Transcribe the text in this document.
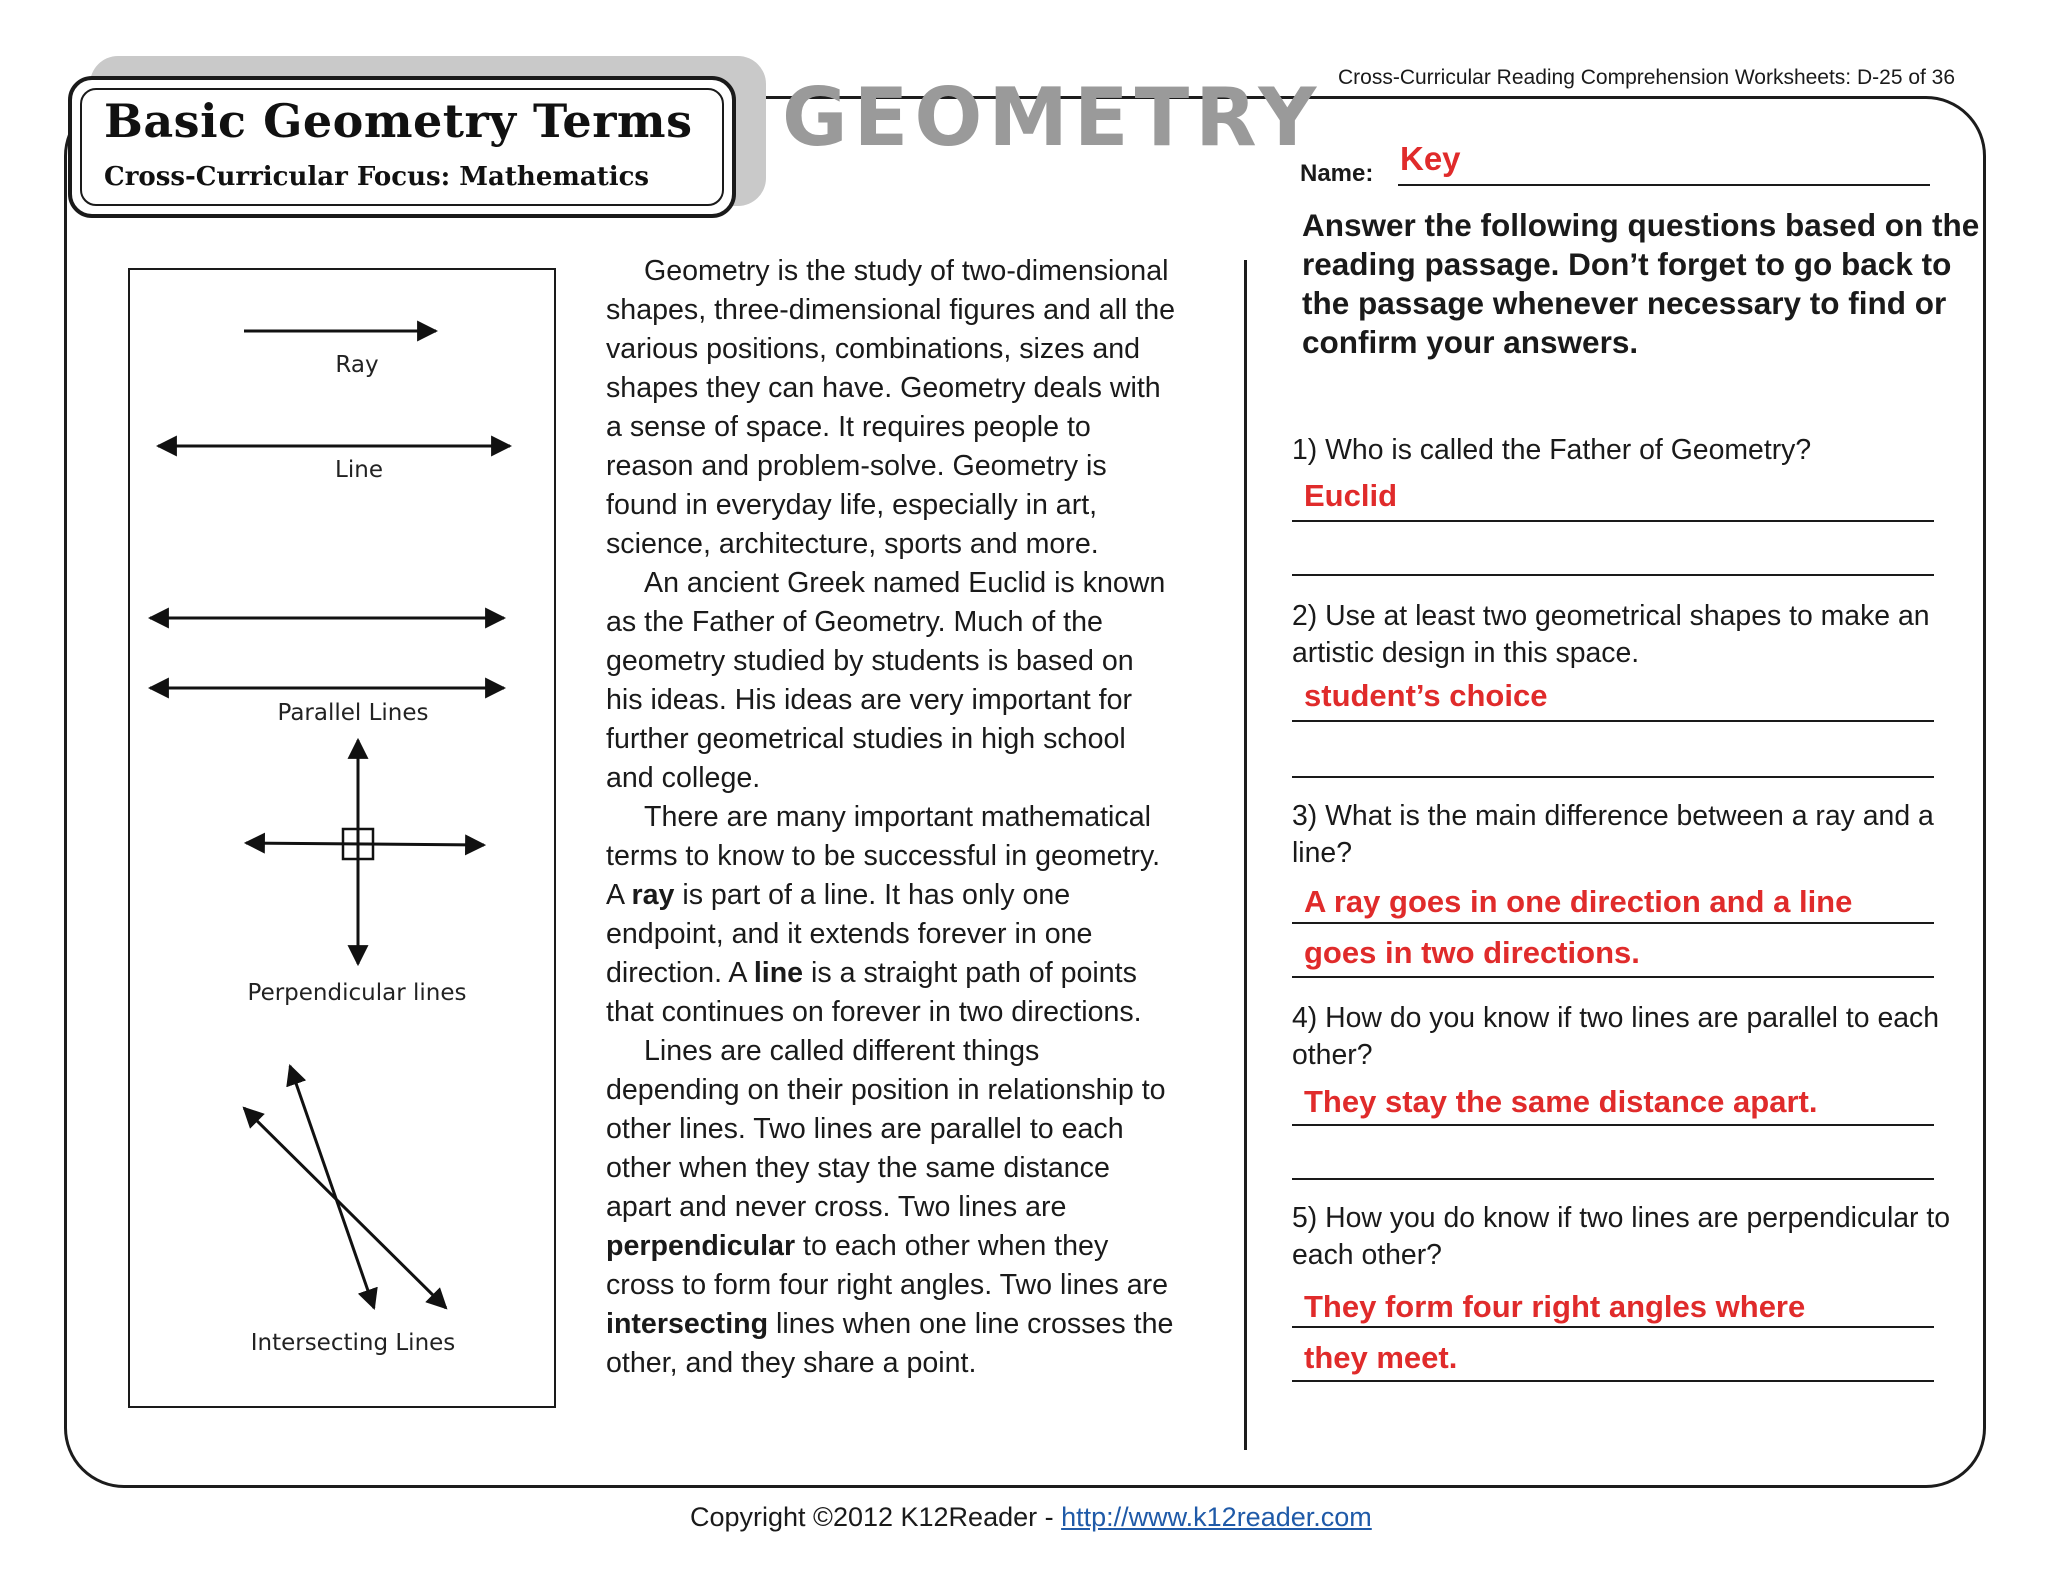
Basic Geometry Terms
Cross-Curricular Focus: Mathematics
GEOMETRY Cross-Curricular Reading Comprehension Worksheets: D-25 of 36
Ray
Line
Parallel Lines
Perpendicular lines
Intersecting Lines

Geometry is the study of two-dimensional shapes, three-dimensional figures and all the various positions, combinations, sizes and shapes they can have. Geometry deals with a sense of space. It requires people to reason and problem-solve. Geometry is found in everyday life, especially in art, science, architecture, sports and more.

An ancient Greek named Euclid is known as the Father of Geometry. Much of the geometry studied by students is based on his ideas. His ideas are very important for further geometrical studies in high school and college.

There are many important mathematical terms to know to be successful in geometry. A ray is part of a line. It has only one endpoint, and it extends forever in one direction. A line is a straight path of points that continues on forever in two directions.

Lines are called different things depending on their position in relationship to other lines. Two lines are parallel to each other when they stay the same distance apart and never cross. Two lines are perpendicular to each other when they cross to form four right angles. Two lines are intersecting lines when one line crosses the other, and they share a point.

Name: Key
Answer the following questions based on the reading passage. Don’t forget to go back to the passage whenever necessary to find or confirm your answers.
1) Who is called the Father of Geometry?
Euclid
2) Use at least two geometrical shapes to make an artistic design in this space.
student’s choice
3) What is the main difference between a ray and a line?
A ray goes in one direction and a line
goes in two directions.
4) How do you know if two lines are parallel to each other?
They stay the same distance apart.
5) How you do know if two lines are perpendicular to each other?
They form four right angles where
they meet.
Copyright ©2012 K12Reader - http://www.k12reader.com
